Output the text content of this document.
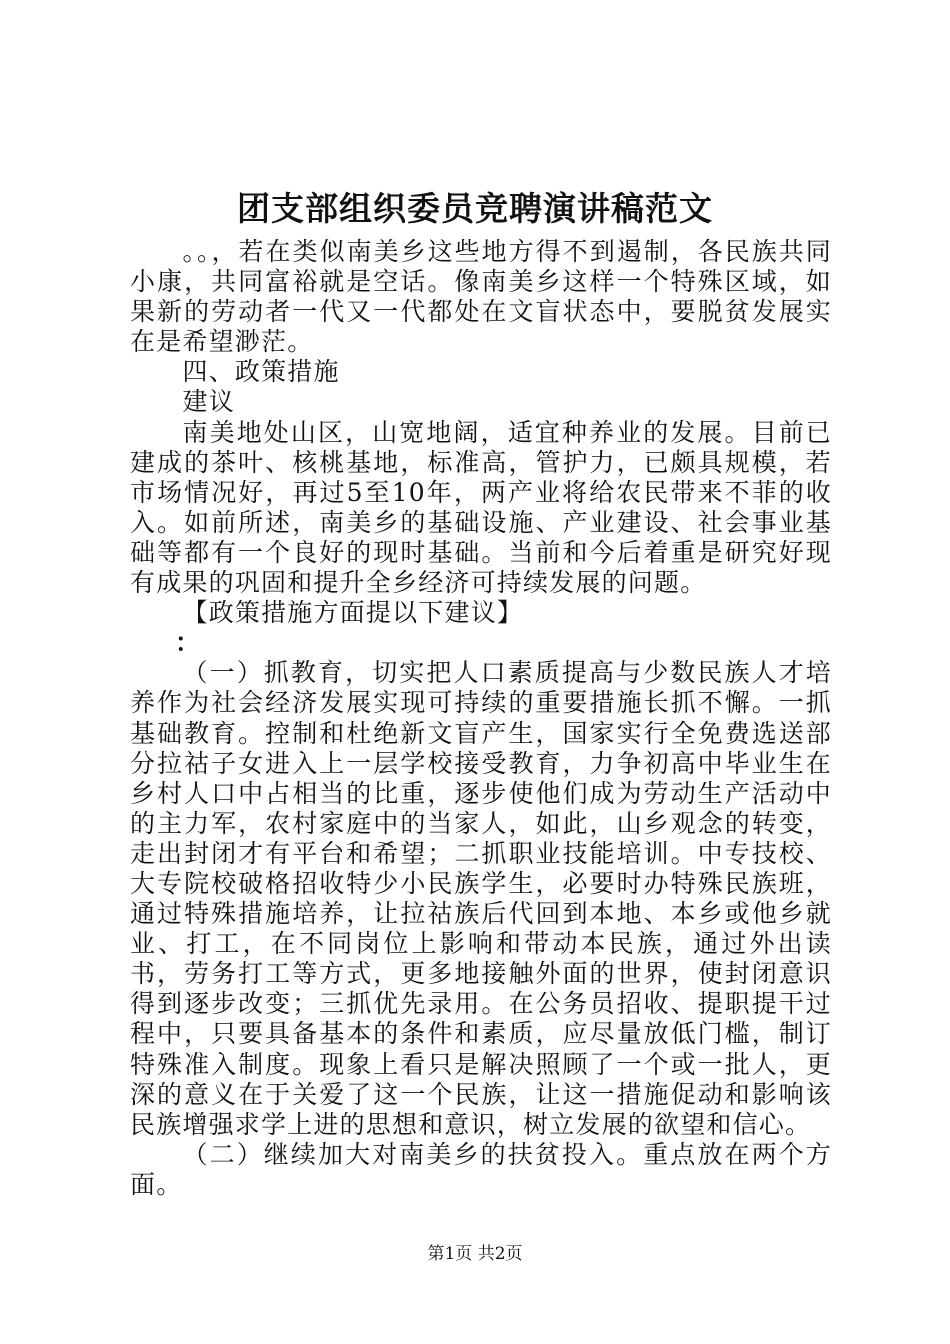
团支部组织委员竞聘演讲稿范文

。。，若在类似南美乡这些地方得不到遏制，各民族共同小康，共同富裕就是空话。像南美乡这样一个特殊区域，如果新的劳动者一代又一代都处在文盲状态中，要脱贫发展实在是希望渺茫。

四、政策措施

建议

南美地处山区，山宽地阔，适宜种养业的发展。目前已建成的茶叶、核桃基地，标准高，管护力，已颇具规模，若市场情况好，再过5至10年，两产业将给农民带来不菲的收入。如前所述，南美乡的基础设施、产业建设、社会事业基础等都有一个良好的现时基础。当前和今后着重是研究好现有成果的巩固和提升全乡经济可持续发展的问题。

【政策措施方面提以下建议】

：

（一）抓教育，切实把人口素质提高与少数民族人才培养作为社会经济发展实现可持续的重要措施长抓不懈。一抓基础教育。控制和杜绝新文盲产生，国家实行全免费选送部分拉祜子女进入上一层学校接受教育，力争初高中毕业生在乡村人口中占相当的比重，逐步使他们成为劳动生产活动中的主力军，农村家庭中的当家人，如此，山乡观念的转变，走出封闭才有平台和希望；二抓职业技能培训。中专技校、大专院校破格招收特少小民族学生，必要时办特殊民族班，通过特殊措施培养，让拉祜族后代回到本地、本乡或他乡就业、打工，在不同岗位上影响和带动本民族，通过外出读书，劳务打工等方式，更多地接触外面的世界，使封闭意识得到逐步改变；三抓优先录用。在公务员招收、提职提干过程中，只要具备基本的条件和素质，应尽量放低门槛，制订特殊准入制度。现象上看只是解决照顾了一个或一批人，更深的意义在于关爱了这一个民族，让这一措施促动和影响该民族增强求学上进的思想和意识，树立发展的欲望和信心。

（二）继续加大对南美乡的扶贫投入。重点放在两个方面。

第1页 共2页
